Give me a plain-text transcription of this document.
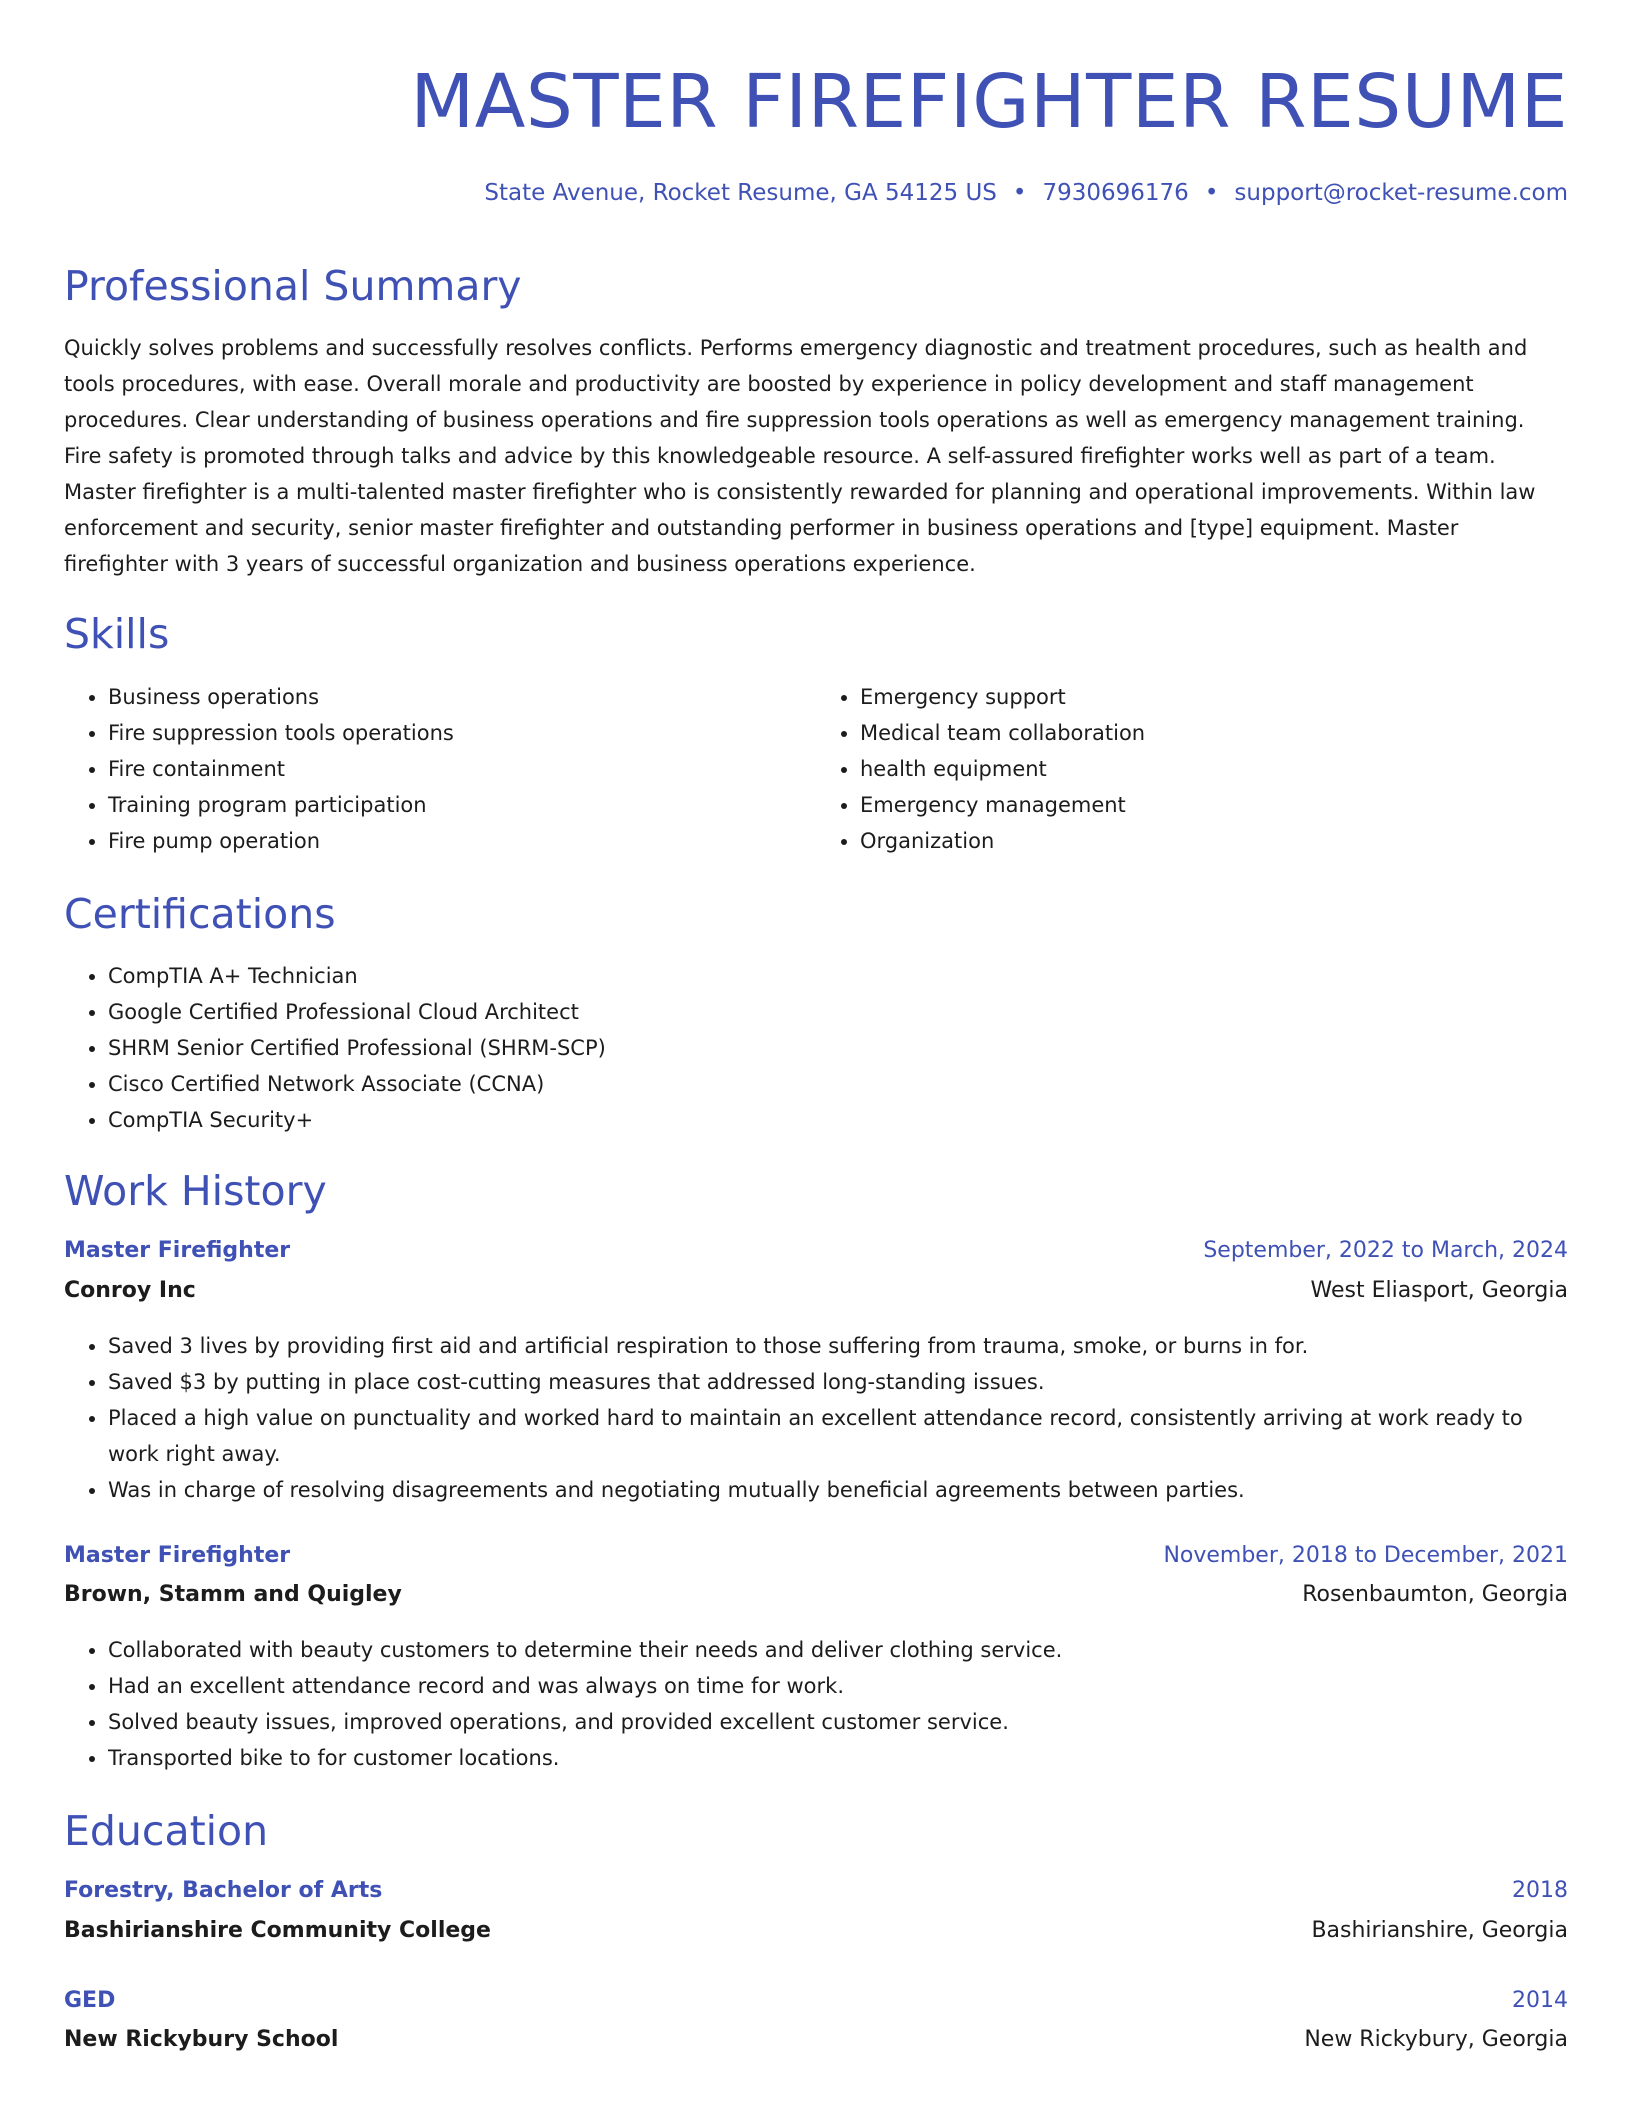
MASTER FIREFIGHTER RESUME
State Avenue, Rocket Resume, GA 54125 US • 7930696176 • support@rocket-resume.com
Professional Summary

Quickly solves problems and successfully resolves conflicts. Performs emergency diagnostic and treatment procedures, such as health and tools procedures, with ease. Overall morale and productivity are boosted by experience in policy development and staff management procedures. Clear understanding of business operations and fire suppression tools operations as well as emergency management training. Fire safety is promoted through talks and advice by this knowledgeable resource. A self-assured firefighter works well as part of a team. Master firefighter is a multi-talented master firefighter who is consistently rewarded for planning and operational improvements. Within law enforcement and security, senior master firefighter and outstanding performer in business operations and [type] equipment. Master firefighter with 3 years of successful organization and business operations experience.

Skills
• Business operations
• Fire suppression tools operations
• Fire containment
• Training program participation
• Fire pump operation
• Emergency support
• Medical team collaboration
• health equipment
• Emergency management
• Organization
Certifications
• CompTIA A+ Technician
• Google Certified Professional Cloud Architect
• SHRM Senior Certified Professional (SHRM-SCP)
• Cisco Certified Network Associate (CCNA)
• CompTIA Security+
Work History
Master Firefighter	September, 2022 to March, 2024
Conroy Inc	West Eliasport, Georgia
• Saved 3 lives by providing first aid and artificial respiration to those suffering from trauma, smoke, or burns in for.
• Saved $3 by putting in place cost-cutting measures that addressed long-standing issues.
• Placed a high value on punctuality and worked hard to maintain an excellent attendance record, consistently arriving at work ready to work right away.
• Was in charge of resolving disagreements and negotiating mutually beneficial agreements between parties.
Master Firefighter	November, 2018 to December, 2021
Brown, Stamm and Quigley	Rosenbaumton, Georgia
• Collaborated with beauty customers to determine their needs and deliver clothing service.
• Had an excellent attendance record and was always on time for work.
• Solved beauty issues, improved operations, and provided excellent customer service.
• Transported bike to for customer locations.
Education
Forestry, Bachelor of Arts	2018
Bashirianshire Community College	Bashirianshire, Georgia
GED	2014
New Rickybury School	New Rickybury, Georgia
